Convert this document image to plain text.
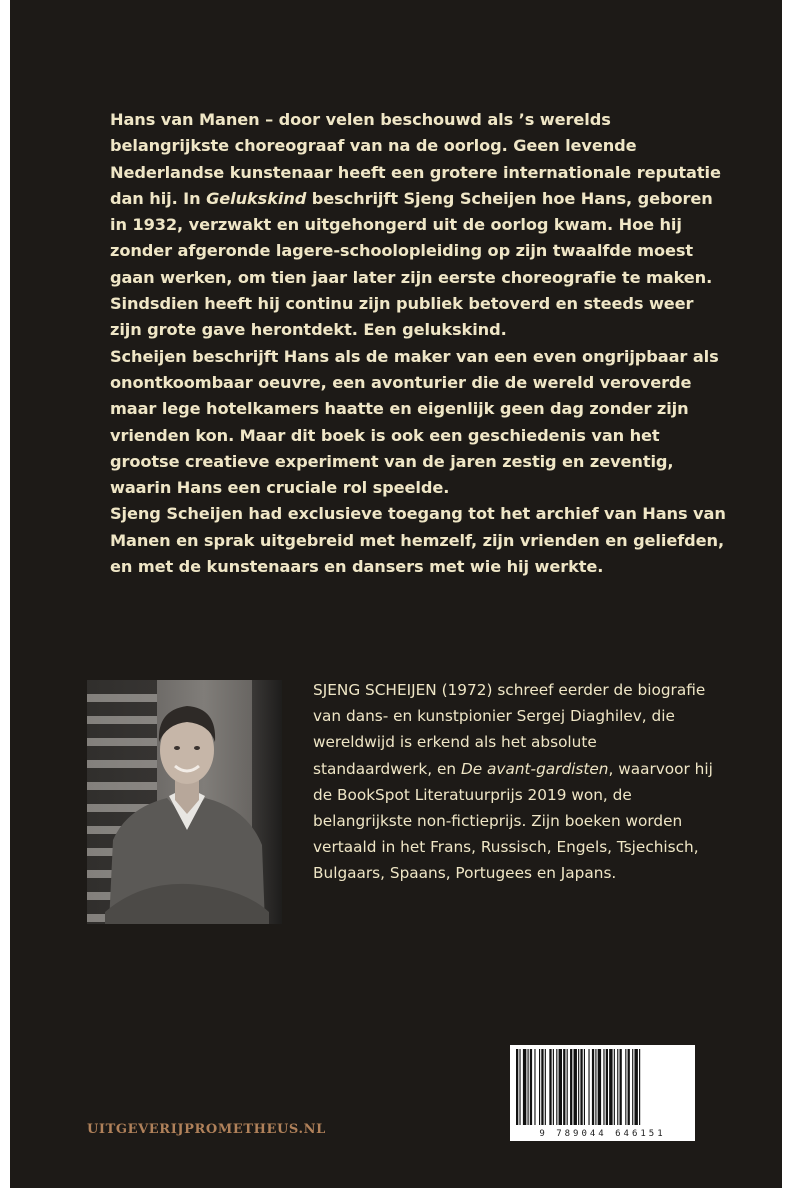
Hans van Manen – door velen beschouwd als ’s werelds belangrijkste choreograaf van na de oorlog. Geen levende Nederlandse kunstenaar heeft een grotere internationale reputatie dan hij. In Gelukskind beschrijft Sjeng Scheijen hoe Hans, geboren in 1932, verzwakt en uitgehongerd uit de oorlog kwam. Hoe hij zonder afgeronde lagere-schoolopleiding op zijn twaalfde moest gaan werken, om tien jaar later zijn eerste choreografie te maken. Sindsdien heeft hij continu zijn publiek betoverd en steeds weer zijn grote gave herontdekt. Een gelukskind.

Scheijen beschrijft Hans als de maker van een even ongrijpbaar als onontkoombaar oeuvre, een avonturier die de wereld veroverde maar lege hotelkamers haatte en eigenlijk geen dag zonder zijn vrienden kon. Maar dit boek is ook een geschiedenis van het grootse creatieve experiment van de jaren zestig en zeventig, waarin Hans een cruciale rol speelde.

Sjeng Scheijen had exclusieve toegang tot het archief van Hans van Manen en sprak uitgebreid met hemzelf, zijn vrienden en geliefden, en met de kunstenaars en dansers met wie hij werkte.

SJENG SCHEIJEN (1972) schreef eerder de biografie van dans- en kunstpionier Sergej Diaghilev, die wereldwijd is erkend als het absolute standaardwerk, en De avant-gardisten, waarvoor hij de BookSpot Literatuurprijs 2019 won, de belangrijkste non-fictieprijs. Zijn boeken worden vertaald in het Frans, Russisch, Engels, Tsjechisch, Bulgaars, Spaans, Portugees en Japans.

UITGEVERIJPROMETHEUS.NL	9 789044 646151
